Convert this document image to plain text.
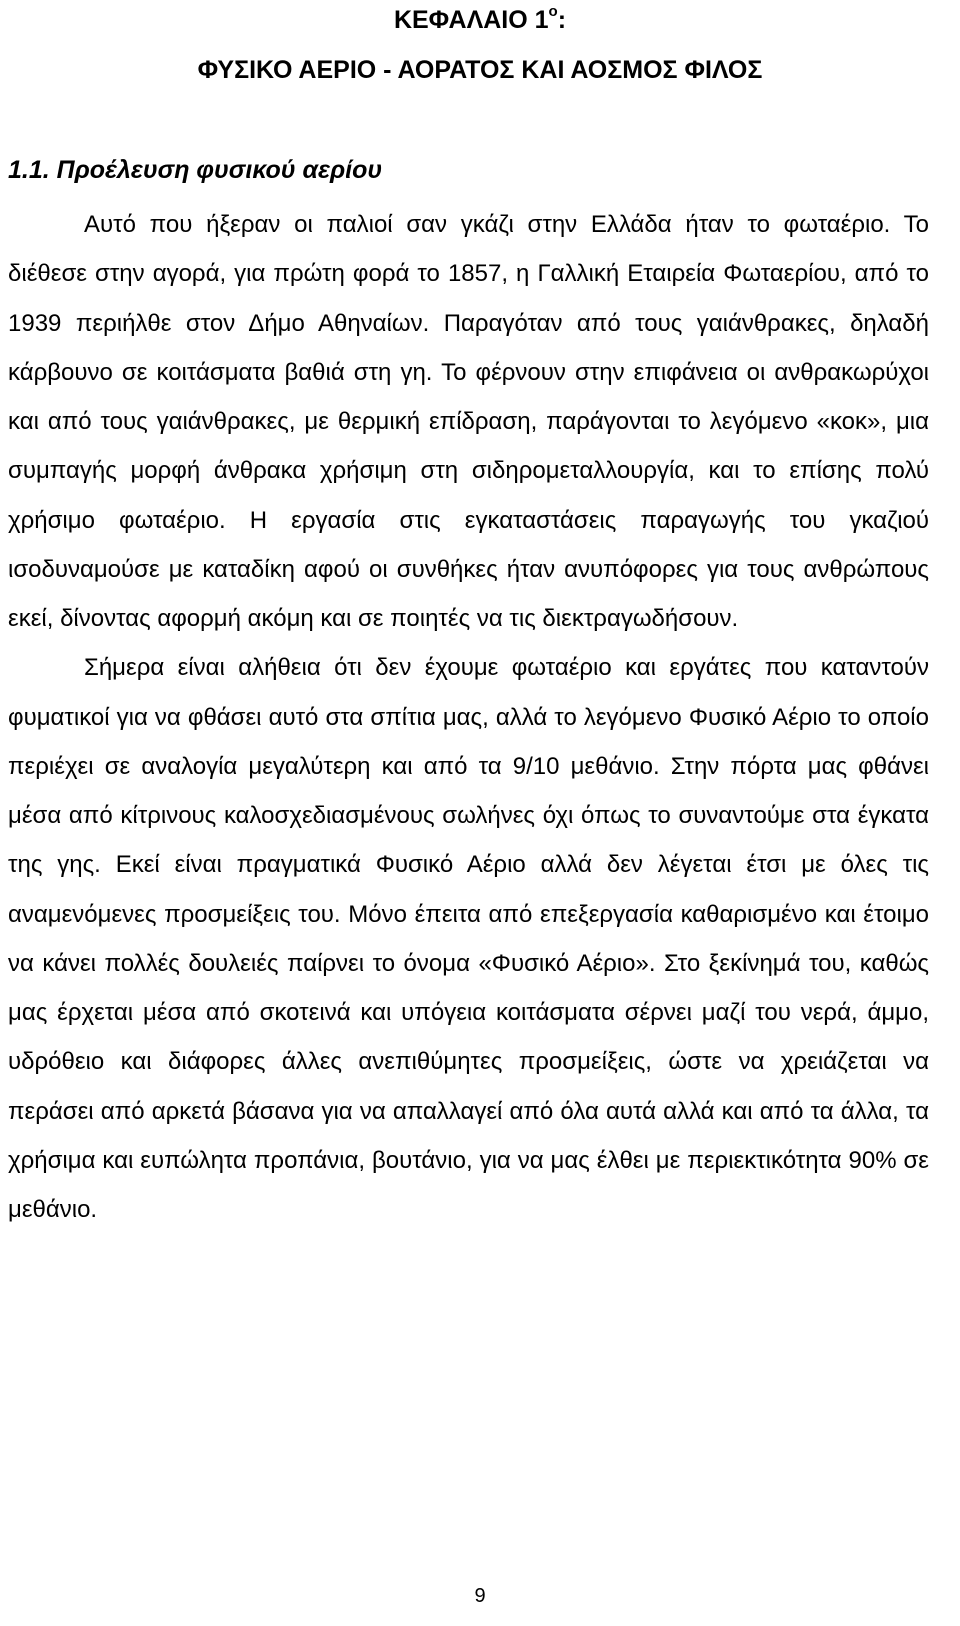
ΚΕΦΑΛΑΙΟ $1^o$:
ΦΥΣΙΚΟ ΑΕΡΙΟ - ΑΟΡΑΤΟΣ ΚΑΙ ΑΟΣΜΟΣ ΦΙΛΟΣ
1.1. Προέλευση φυσικού αερίου

Αυτό που ήξεραν οι παλιοί σαν γκάζι στην Ελλάδα ήταν το φωταέριο. Το διέθεσε στην αγορά, για πρώτη φορά το 1857, η Γαλλική Εταιρεία Φωταερίου, από το 1939 περιήλθε στον Δήμο Αθηναίων. Παραγόταν από τους γαιάνθρακες, δηλαδή κάρβουνο σε κοιτάσματα βαθιά στη γη. Το φέρνουν στην επιφάνεια οι ανθρακωρύχοι και από τους γαιάνθρακες, με θερμική επίδραση, παράγονται το λεγόμενο «κοκ», μια συμπαγής μορφή άνθρακα χρήσιμη στη σιδηρομεταλλουργία, και το επίσης πολύ χρήσιμο φωταέριο. Η εργασία στις εγκαταστάσεις παραγωγής του γκαζιού ισοδυναμούσε με καταδίκη αφού οι συνθήκες ήταν ανυπόφορες για τους ανθρώπους εκεί, δίνοντας αφορμή ακόμη και σε ποιητές να τις διεκτραγωδήσουν.

Σήμερα είναι αλήθεια ότι δεν έχουμε φωταέριο και εργάτες που καταντούν φυματικοί για να φθάσει αυτό στα σπίτια μας, αλλά το λεγόμενο Φυσικό Αέριο το οποίο περιέχει σε αναλογία μεγαλύτερη και από τα 9/10 μεθάνιο. Στην πόρτα μας φθάνει μέσα από κίτρινους καλοσχεδιασμένους σωλήνες όχι όπως το συναντούμε στα έγκατα της γης. Εκεί είναι πραγματικά Φυσικό Αέριο αλλά δεν λέγεται έτσι με όλες τις αναμενόμενες προσμείξεις του. Μόνο έπειτα από επεξεργασία καθαρισμένο και έτοιμο να κάνει πολλές δουλειές παίρνει το όνομα «Φυσικό Αέριο». Στο ξεκίνημά του, καθώς μας έρχεται μέσα από σκοτεινά και υπόγεια κοιτάσματα σέρνει μαζί του νερά, άμμο, υδρόθειο και διάφορες άλλες ανεπιθύμητες προσμείξεις, ώστε να χρειάζεται να περάσει από αρκετά βάσανα για να απαλλαγεί από όλα αυτά αλλά και από τα άλλα, τα χρήσιμα και ευπώλητα προπάνια, βουτάνιο, για να μας έλθει με περιεκτικότητα 90% σε μεθάνιο.

9
